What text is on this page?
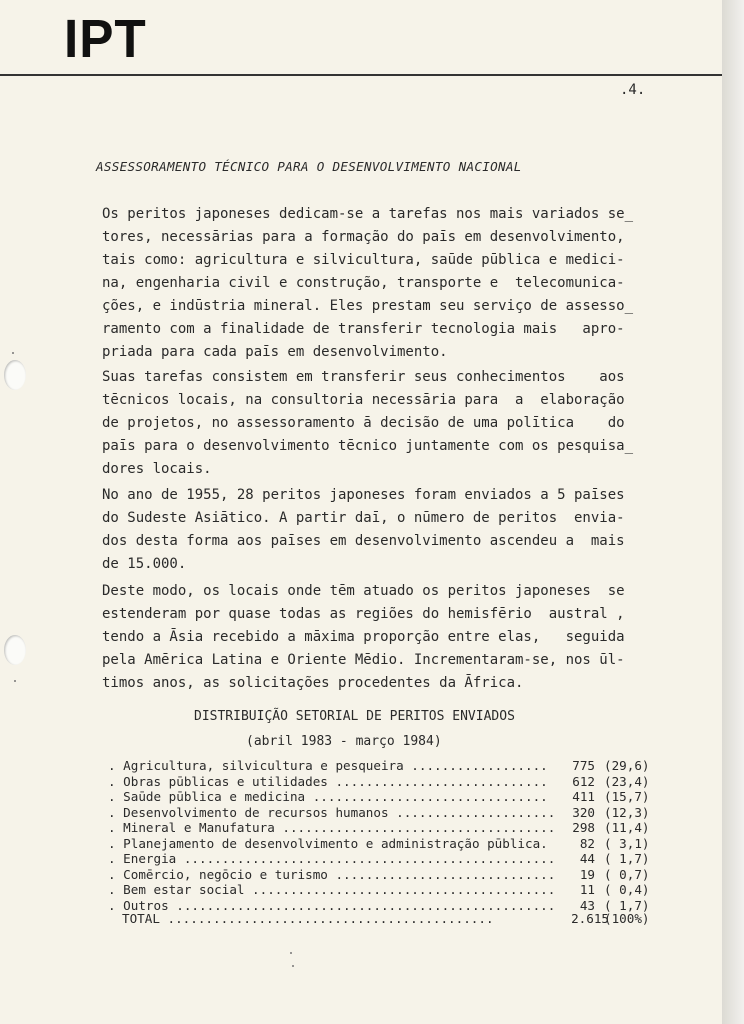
IPT
.4.
ASSESSORAMENTO TÉCNICO PARA O DESENVOLVIMENTO NACIONAL
Os peritos japoneses dedicam-se a tarefas nos mais variados se̲
tores, necessārias para a formação do paīs em desenvolvimento,
tais como: agricultura e silvicultura, saūde pūblica e medici-
na, engenharia civil e construção, transporte e  telecomunica-
ções, e indūstria mineral. Eles prestam seu serviço de assesso̲
ramento com a finalidade de transferir tecnologia mais   apro-
priada para cada paīs em desenvolvimento.
Suas tarefas consistem em transferir seus conhecimentos    aos
tēcnicos locais, na consultoria necessāria para  a  elaboração
de projetos, no assessoramento ā decisão de uma polītica    do
paīs para o desenvolvimento tēcnico juntamente com os pesquisa̲
dores locais.
No ano de 1955, 28 peritos japoneses foram enviados a 5 paīses
do Sudeste Asiātico. A partir daī, o nūmero de peritos  envia-
dos desta forma aos paīses em desenvolvimento ascendeu a  mais
de 15.000.
Deste modo, os locais onde tēm atuado os peritos japoneses  se
estenderam por quase todas as regiões do hemisfērio  austral ,
tendo a Āsia recebido a māxima proporção entre elas,   seguida
pela Amērica Latina e Oriente Mēdio. Incrementaram-se, nos ūl-
timos anos, as solicitações procedentes da Āfrica.
DISTRIBUIÇÃO SETORIAL DE PERITOS ENVIADOS
(abril 1983 - março 1984)
. Agricultura, silvicultura e pesqueira .................. 775 (29,6)
. Obras pūblicas e utilidades ............................ 612 (23,4)
. Saūde pūblica e medicina ............................... 411 (15,7)
. Desenvolvimento de recursos humanos ..................... 320 (12,3)
. Mineral e Manufatura .................................... 298 (11,4)
. Planejamento de desenvolvimento e administração pūblica.	82 ( 3,1)
. Energia ................................................. 44 ( 1,7)
. Comērcio, negōcio e turismo ............................. 19 ( 0,7)
. Bem estar social ........................................ 11 ( 0,4)
. Outros .................................................. 43 ( 1,7)
TOTAL ...........................................	2.615
(100%)
